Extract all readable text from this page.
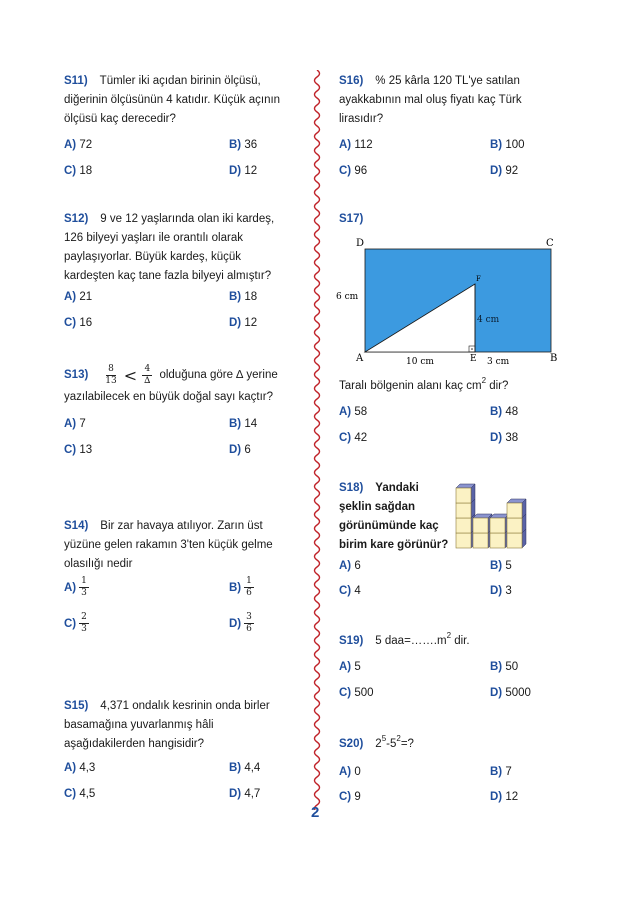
S11) Tümler iki açıdan birinin ölçüsü,
diğerinin ölçüsünün 4 katıdır. Küçük açının
ölçüsü kaç derecedir?
A) 72	B) 36
C) 18	D) 12
S12) 9 ve 12 yaşlarında olan iki kardeş,
126 bilyeyi yaşları ile orantılı olarak
paylaşıyorlar. Büyük kardeş, küçük
kardeşten kaç tane fazla bilyeyi almıştır?
A) 21	B) 18
C) 16	D) 12
$S13) \frac{8}{13} < \frac{4}{\Delta}$ olduğuna göre ∆ yerine
yazılabilecek en büyük doğal sayı kaçtır?
A) 7	B) 14
C) 13	D) 6
S14) Bir zar havaya atılıyor. Zarın üst
yüzüne gelen rakamın 3'ten küçük gelme
olasılığı nedir
$A) \frac{1}{3}$	$B) \frac{1}{6}$
$C) \frac{2}{3}$	$D) \frac{3}{6}$
S15) 4,371 ondalık kesrinin onda birler
basamağına yuvarlanmış hâli
aşağıdakilerden hangisidir?
A) 4,3	B) 4,4
C) 4,5	D) 4,7
S16) % 25 kârla 120 TL'ye satılan
ayakkabının mal oluş fiyatı kaç Türk
lirasıdır?
A) 112	B) 100
C) 96	D) 92
S17)
D	C
A	B
E
F
6 cm
4 cm
10 cm	3 cm
Taralı bölgenin alanı kaç $cm^2$ dir?
A) 58	B) 48
C) 42	D) 38
S18) Yandaki
şeklin sağdan
görünümünde kaç
birim kare görünür?
A) 6	B) 5
C) 4	D) 3
S19) 5 $daa=\dots\dots.m^2$ dir.
A) 5	B) 50
C) 500	D) 5000
S20) $2^5-5^2=$?
A) 0	B) 7
C) 9	D) 12
2
